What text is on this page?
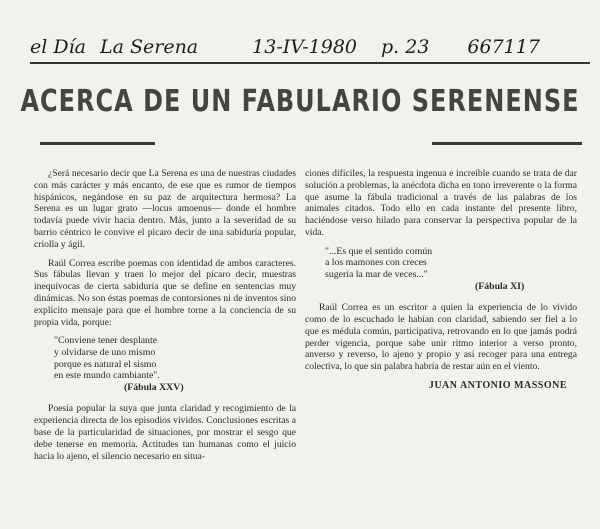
el Día La Serena	13-IV-1980 p. 23 667117
ACERCA DE UN FABULARIO SERENENSE

¿Será necesario decir que La Serena es una de nuestras ciudades con más carácter y más encanto, de ese que es rumor de tiempos hispánicos, negándose en su paz de arquitectura hermosa? La Serena es un lugar grato —locus amoenus— donde el hombre todavía puede vivir hacia dentro. Más, junto a la severidad de su barrio céntrico le convive el picaro decir de una sabiduría popular, criolla y ágil.

Raúl Correa escribe poemas con identidad de ambos caracteres. Sus fábulas llevan y traen lo mejor del pícaro decir, muestras inequívocas de cierta sabiduría que se define en sentencias muy dinámicas. No son éstas poemas de contorsiones ni de inventos sino explícito mensaje para que el hombre torne a la conciencia de su propia vida, porque:

"Conviene tener desplante
y olvidarse de uno mismo
porque es natural el sismo
en este mundo cambiante".
(Fábula XXV)

Poesía popular la suya que junta claridad y recogimiento de la experiencia directa de los episodios vividos. Conclusiones escritas a base de la particularidad de situaciones, por mostrar el sesgo que debe tenerse en memoria. Actitudes tan humanas como el juicio hacia lo ajeno, el silencio necesario en situa-

ciones difíciles, la respuesta ingenua e increíble cuando se trata de dar solución a problemas, la anécdota dicha en tono irreverente o la forma que asume la fábula tradicional a través de las palabras de los animales citados. Todo ello en cada instante del presente libro, haciéndose verso hilado para conservar la perspectiva popular de la vida.

"...Es que el sentido común
a los mamones con creces
sugería la mar de veces..."
(Fábula XI)

Raúl Correa es un escritor a quien la experiencia de lo vivido como de lo escuchado le habían con claridad, sabiendo ser fiel a lo que es médula común, participativa, retrovando en lo que jamás podrá perder vigencia, porque sabe unir ritmo interior a verso pronto, anverso y reverso, lo ajeno y propio y así recoger para una entrega colectiva, lo que sin palabra habría de restar aún en el viento.

JUAN ANTONIO MASSONE
